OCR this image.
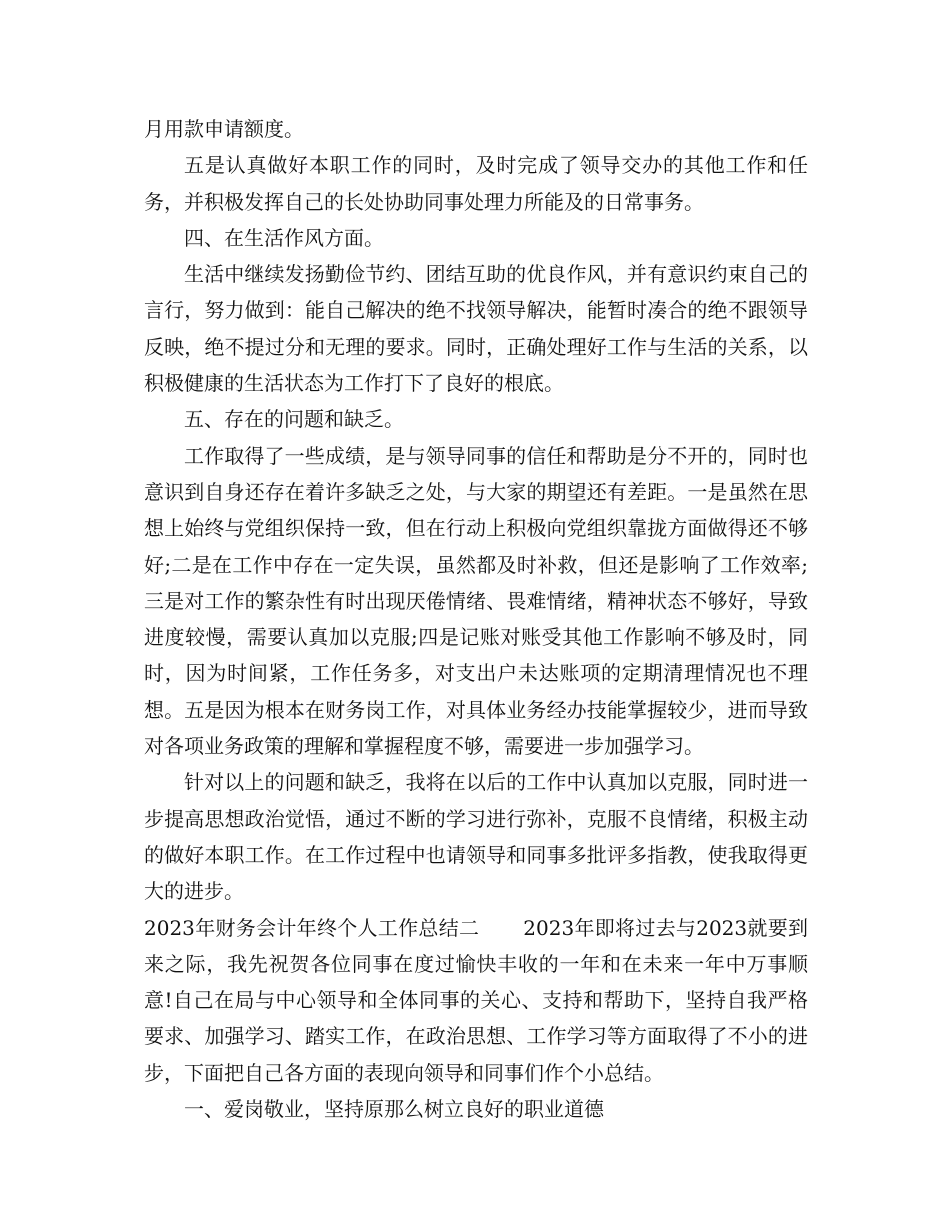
月用款申请额度。

五是认真做好本职工作的同时，及时完成了领导交办的其他工作和任务，并积极发挥自己的长处协助同事处理力所能及的日常事务。

四、在生活作风方面。

生活中继续发扬勤俭节约、团结互助的优良作风，并有意识约束自己的言行，努力做到：能自己解决的绝不找领导解决，能暂时凑合的绝不跟领导反映，绝不提过分和无理的要求。同时，正确处理好工作与生活的关系，以积极健康的生活状态为工作打下了良好的根底。

五、存在的问题和缺乏。

工作取得了一些成绩，是与领导同事的信任和帮助是分不开的，同时也意识到自身还存在着许多缺乏之处，与大家的期望还有差距。一是虽然在思想上始终与党组织保持一致，但在行动上积极向党组织靠拢方面做得还不够好;二是在工作中存在一定失误，虽然都及时补救，但还是影响了工作效率;三是对工作的繁杂性有时出现厌倦情绪、畏难情绪，精神状态不够好，导致进度较慢，需要认真加以克服;四是记账对账受其他工作影响不够及时，同时，因为时间紧，工作任务多，对支出户未达账项的定期清理情况也不理想。五是因为根本在财务岗工作，对具体业务经办技能掌握较少，进而导致对各项业务政策的理解和掌握程度不够，需要进一步加强学习。

针对以上的问题和缺乏，我将在以后的工作中认真加以克服，同时进一步提高思想政治觉悟，通过不断的学习进行弥补，克服不良情绪，积极主动的做好本职工作。在工作过程中也请领导和同事多批评多指教，使我取得更大的进步。

2023年财务会计年终个人工作总结二 2023年即将过去与2023就要到来之际，我先祝贺各位同事在度过愉快丰收的一年和在未来一年中万事顺意!自己在局与中心领导和全体同事的关心、支持和帮助下，坚持自我严格要求、加强学习、踏实工作，在政治思想、工作学习等方面取得了不小的进步，下面把自己各方面的表现向领导和同事们作个小总结。

一、爱岗敬业，坚持原那么树立良好的职业道德
